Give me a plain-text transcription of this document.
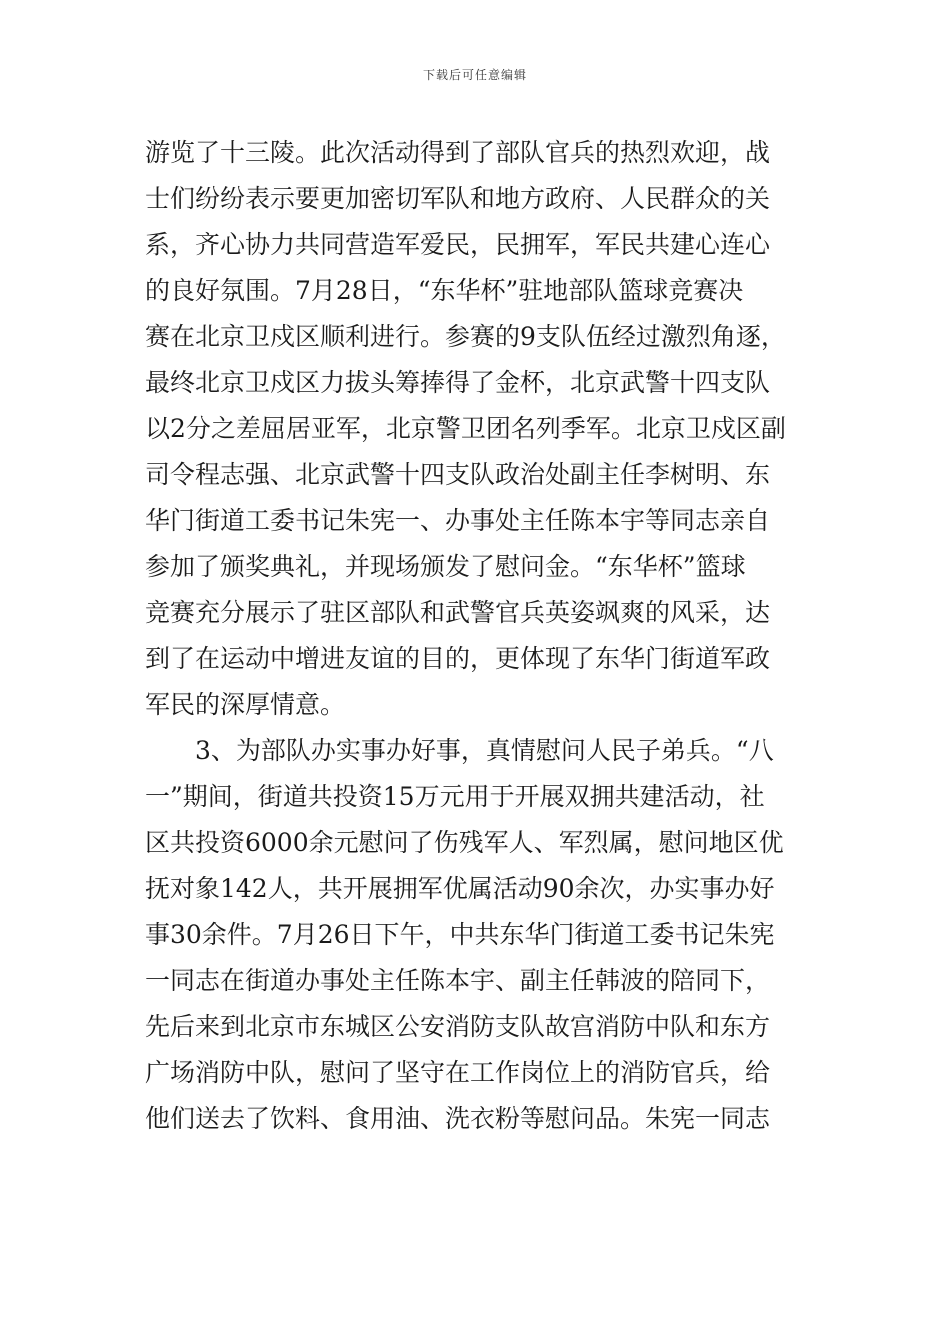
下载后可任意编辑
游览了十三陵。此次活动得到了部队官兵的热烈欢迎，战
士们纷纷表示要更加密切军队和地方政府、人民群众的关
系，齐心协力共同营造军爱民，民拥军，军民共建心连心
的良好氛围。7月28日，“东华杯”驻地部队篮球竞赛决
赛在北京卫戍区顺利进行。参赛的9支队伍经过激烈角逐，
最终北京卫戍区力拔头筹捧得了金杯，北京武警十四支队
以2分之差屈居亚军，北京警卫团名列季军。北京卫戍区副
司令程志强、北京武警十四支队政治处副主任李树明、东
华门街道工委书记朱宪一、办事处主任陈本宇等同志亲自
参加了颁奖典礼，并现场颁发了慰问金。“东华杯”篮球
竞赛充分展示了驻区部队和武警官兵英姿飒爽的风采，达
到了在运动中增进友谊的目的，更体现了东华门街道军政
军民的深厚情意。
3、为部队办实事办好事，真情慰问人民子弟兵。“八
一”期间，街道共投资15万元用于开展双拥共建活动，社
区共投资6000余元慰问了伤残军人、军烈属，慰问地区优
抚对象142人，共开展拥军优属活动90余次，办实事办好
事30余件。7月26日下午，中共东华门街道工委书记朱宪
一同志在街道办事处主任陈本宇、副主任韩波的陪同下，
先后来到北京市东城区公安消防支队故宫消防中队和东方
广场消防中队，慰问了坚守在工作岗位上的消防官兵，给
他们送去了饮料、食用油、洗衣粉等慰问品。朱宪一同志
